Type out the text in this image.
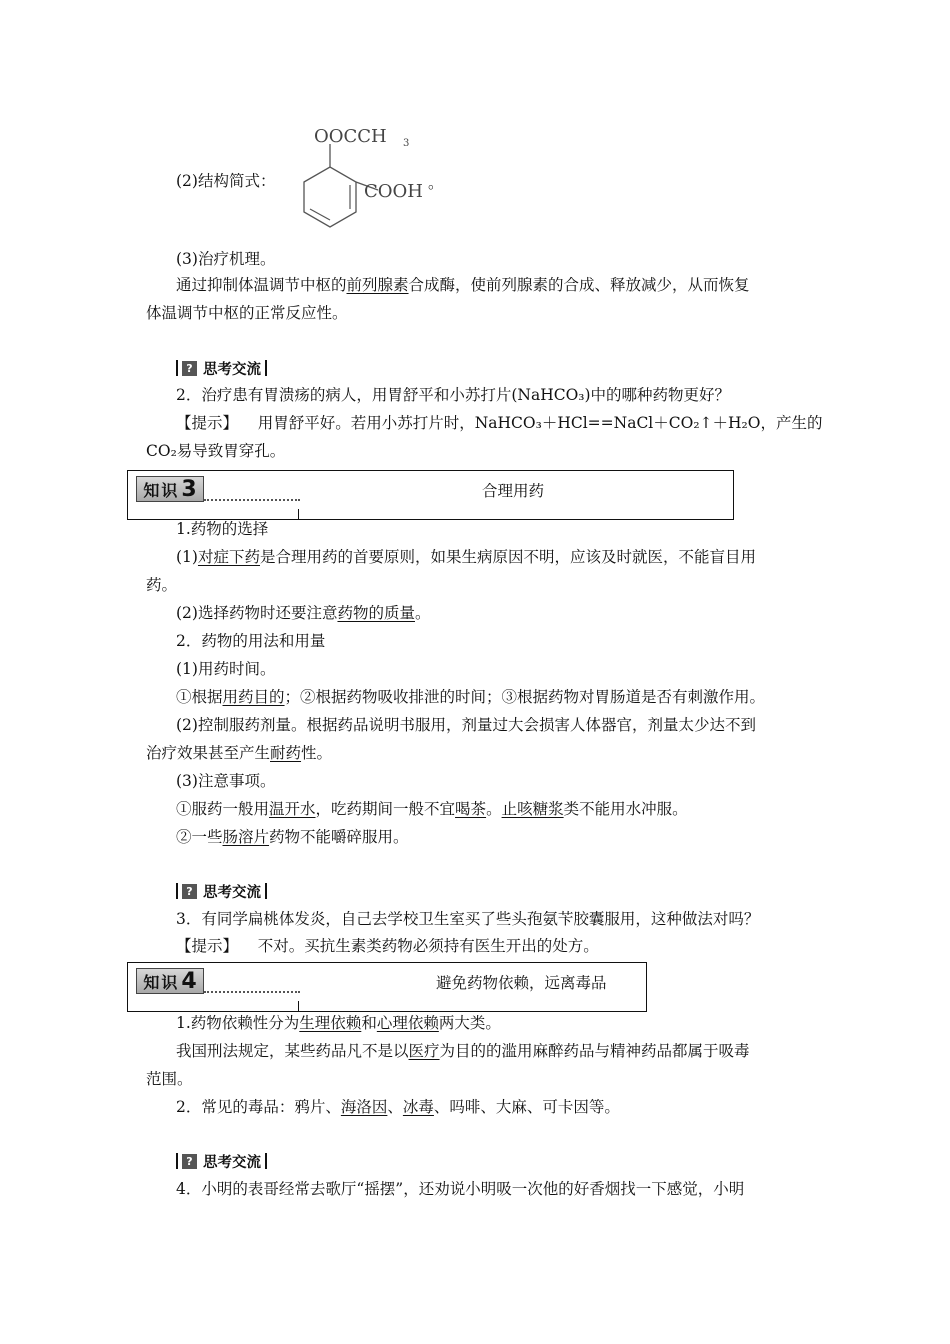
(2)结构简式：
OOCCH 3
COOH 。
(3)治疗机理。
通过抑制体温调节中枢的前列腺素合成酶，使前列腺素的合成、释放减少，从而恢复
体温调节中枢的正常反应性。
? 思考交流
2．治疗患有胃溃疡的病人，用胃舒平和小苏打片(NaHCO₃)中的哪种药物更好？
【提示】 用胃舒平好。若用小苏打片时，NaHCO₃＋HCl==NaCl＋CO₂↑＋H₂O，产生的
CO₂易导致胃穿孔。
知识 3	合理用药
1.药物的选择
(1)对症下药是合理用药的首要原则，如果生病原因不明，应该及时就医，不能盲目用
药。
(2)选择药物时还要注意药物的质量。
2．药物的用法和用量
(1)用药时间。
①根据用药目的；②根据药物吸收排泄的时间；③根据药物对胃肠道是否有刺激作用。
(2)控制服药剂量。根据药品说明书服用，剂量过大会损害人体器官，剂量太少达不到
治疗效果甚至产生耐药性。
(3)注意事项。
①服药一般用温开水，吃药期间一般不宜喝茶。止咳糖浆类不能用水冲服。
②一些肠溶片药物不能嚼碎服用。
? 思考交流
3．有同学扁桃体发炎，自己去学校卫生室买了些头孢氨苄胶囊服用，这种做法对吗？
【提示】 不对。买抗生素类药物必须持有医生开出的处方。
知识 4	避免药物依赖，远离毒品
1.药物依赖性分为生理依赖和心理依赖两大类。
我国刑法规定，某些药品凡不是以医疗为目的的滥用麻醉药品与精神药品都属于吸毒
范围。
2．常见的毒品：鸦片、海洛因、冰毒、吗啡、大麻、可卡因等。
? 思考交流
4．小明的表哥经常去歌厅“摇摆”，还劝说小明吸一次他的好香烟找一下感觉，小明
